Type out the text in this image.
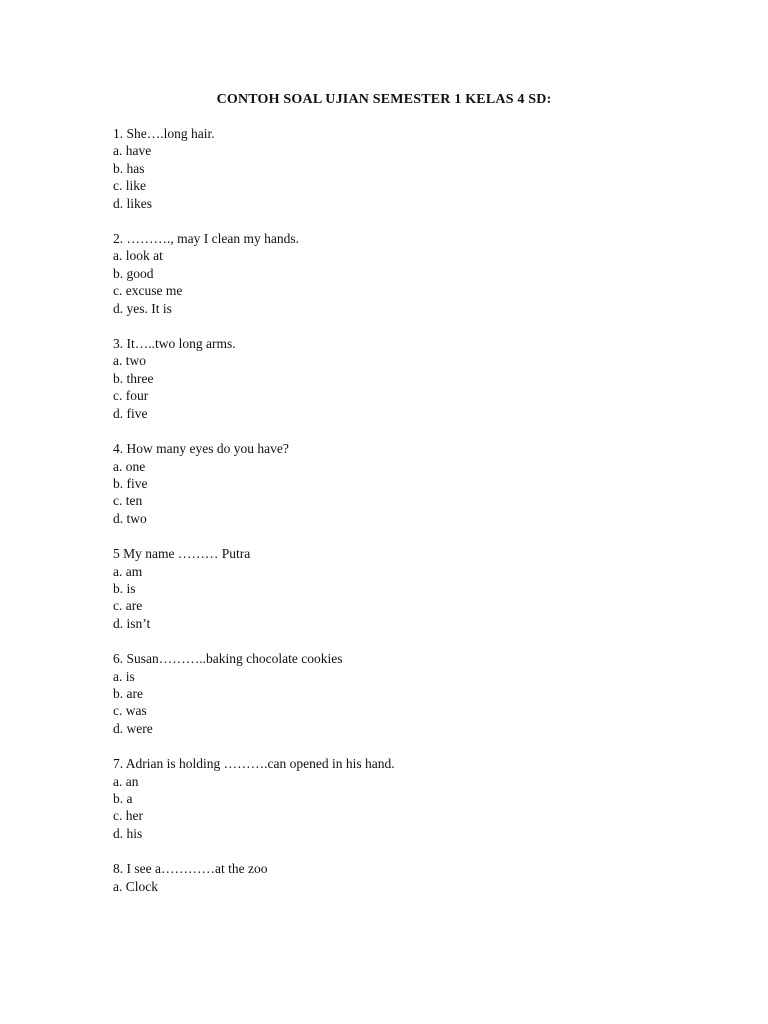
CONTOH SOAL UJIAN SEMESTER 1 KELAS 4 SD:
1. She….long hair.
a. have
b. has
c. like
d. likes
2. ………., may I clean my hands.
a. look at
b. good
c. excuse me
d. yes. It is
3. It…..two long arms.
a. two
b. three
c. four
d. five
4. How many eyes do you have?
a. one
b. five
c. ten
d. two
5 My name ……… Putra
a. am
b. is
c. are
d. isn’t
6. Susan………..baking chocolate cookies
a. is
b. are
c. was
d. were
7. Adrian is holding ……….can opened in his hand.
a. an
b. a
c. her
d. his
8. I see a…………at the zoo
a. Clock
